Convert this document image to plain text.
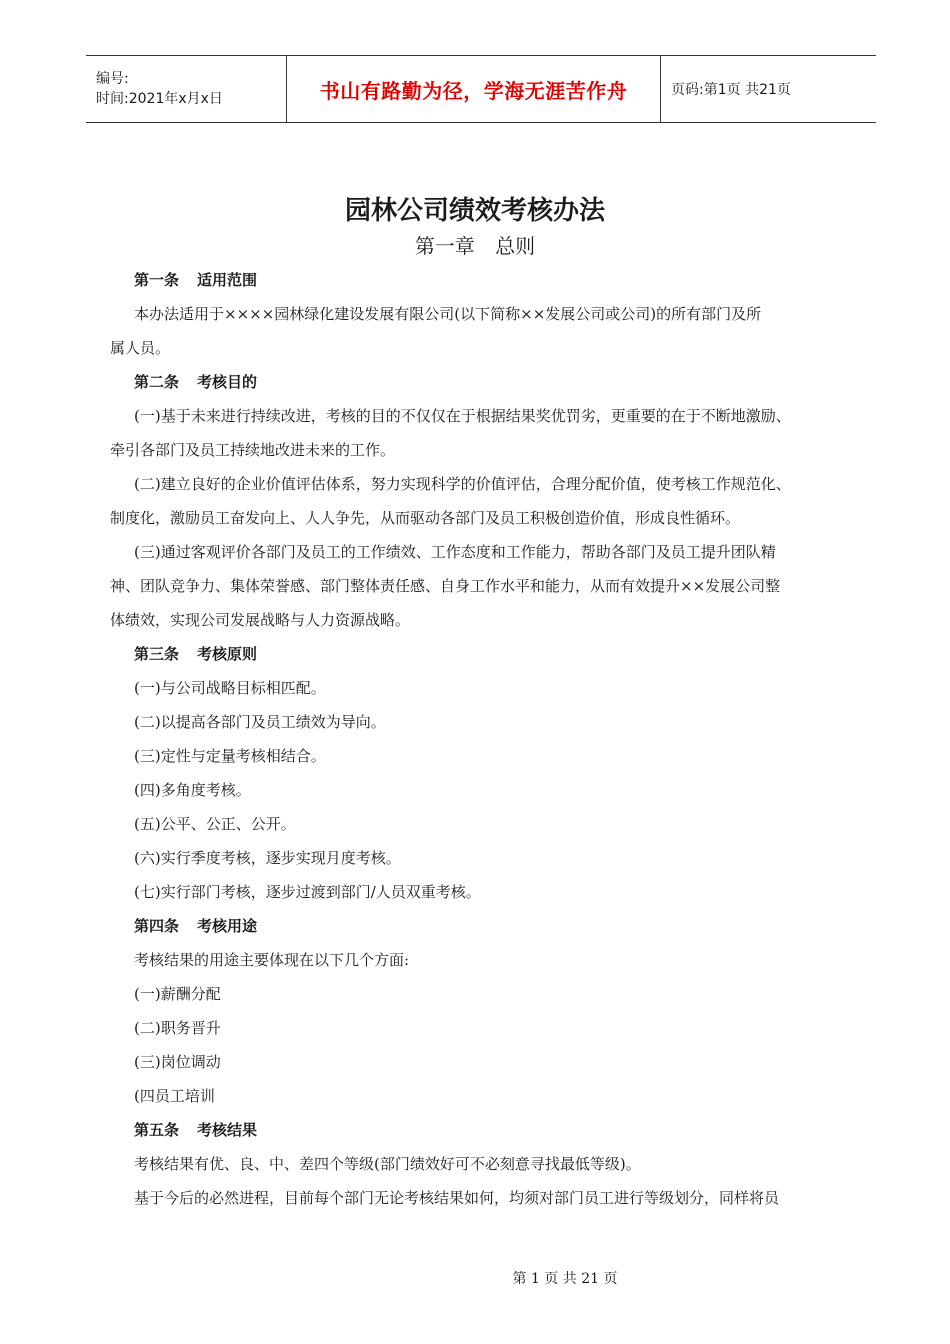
编号:
时间:2021年x月x日	书山有路勤为径，学海无涯苦作舟	页码:第1页 共21页
园林公司绩效考核办法
第一章 总则
第一条 适用范围
本办法适用于××××园林绿化建设发展有限公司(以下简称××发展公司或公司)的所有部门及所
属人员。
第二条 考核目的
(一)基于未来进行持续改进，考核的目的不仅仅在于根据结果奖优罚劣，更重要的在于不断地激励、
牵引各部门及员工持续地改进未来的工作。
(二)建立良好的企业价值评估体系，努力实现科学的价值评估，合理分配价值，使考核工作规范化、
制度化，激励员工奋发向上、人人争先，从而驱动各部门及员工积极创造价值，形成良性循环。
(三)通过客观评价各部门及员工的工作绩效、工作态度和工作能力，帮助各部门及员工提升团队精
神、团队竞争力、集体荣誉感、部门整体责任感、自身工作水平和能力，从而有效提升××发展公司整
体绩效，实现公司发展战略与人力资源战略。
第三条 考核原则
(一)与公司战略目标相匹配。
(二)以提高各部门及员工绩效为导向。
(三)定性与定量考核相结合。
(四)多角度考核。
(五)公平、公正、公开。
(六)实行季度考核，逐步实现月度考核。
(七)实行部门考核，逐步过渡到部门/人员双重考核。
第四条 考核用途
考核结果的用途主要体现在以下几个方面:
(一)薪酬分配
(二)职务晋升
(三)岗位调动
(四员工培训
第五条 考核结果
考核结果有优、良、中、差四个等级(部门绩效好可不必刻意寻找最低等级)。
基于今后的必然进程，目前每个部门无论考核结果如何，均须对部门员工进行等级划分，同样将员
第 1 页 共 21 页
